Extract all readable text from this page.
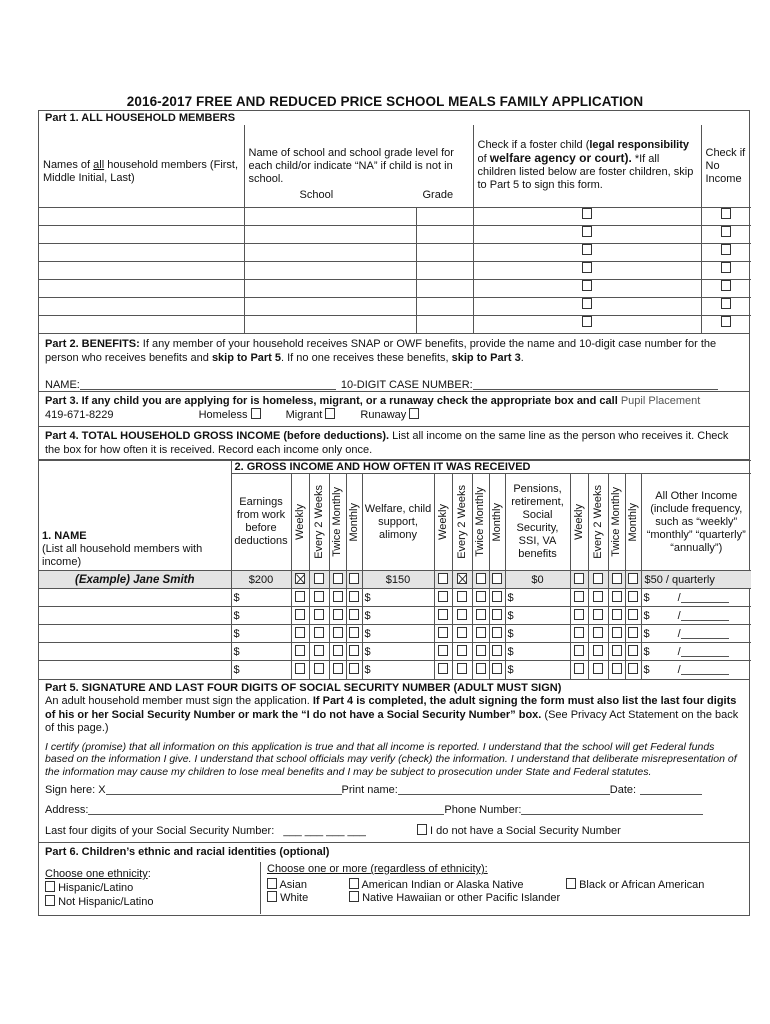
2016-2017 FREE AND REDUCED PRICE SCHOOL MEALS FAMILY APPLICATION
Part 1. ALL HOUSEHOLD MEMBERS
Names of all household members (First, Middle Initial, Last)	Name of school and school grade level for each child/or indicate “NA” if child is not in school.
School Grade		Check if a foster child (legal responsibility of welfare agency or court). *If all children listed below are foster children, skip to Part 5 to sign this form.	Check if No Income

Part 2. BENEFITS: If any member of your household receives SNAP or OWF benefits, provide the name and 10-digit case number for the person who receives benefits and skip to Part 5. If no one receives these benefits, skip to Part 3.
NAME:	10-DIGIT CASE NUMBER:
Part 3. If any child you are applying for is homeless, migrant, or a runaway check the appropriate box and call Pupil Placement
419-671-8229	Homeless	Migrant	Runaway
Part 4. TOTAL HOUSEHOLD GROSS INCOME (before deductions). List all income on the same line as the person who receives it. Check the box for how often it is received. Record each income only once.
1. NAME
(List all household members with income)	2. GROSS INCOME AND HOW OFTEN IT WAS RECEIVED															
	Earnings from work before deductions	Weekly	Every 2 Weeks	Twice Monthly	Monthly	Welfare, child support, alimony	Weekly	Every 2 Weeks	Twice Monthly	Monthly	Pensions, retirement, Social Security, SSI, VA benefits	Weekly	Every 2 Weeks	Twice Monthly	Monthly	All Other Income (include frequency, such as “weekly” “monthly” “quarterly” “annually”)
(Example) Jane Smith	$200					$150					$0					$50 / quarterly
	$					$					$					$ /
	$					$					$					$ /
	$					$					$					$ /
	$					$					$					$ /
	$					$					$					$ /
Part 5. SIGNATURE AND LAST FOUR DIGITS OF SOCIAL SECURITY NUMBER (ADULT MUST SIGN)
An adult household member must sign the application. If Part 4 is completed, the adult signing the form must also list the last four digits of his or her Social Security Number or mark the “I do not have a Social Security Number” box. (See Privacy Act Statement on the back of this page.)
I certify (promise) that all information on this application is true and that all income is reported. I understand that the school will get Federal funds based on the information I give. I understand that school officials may verify (check) the information. I understand that deliberate misrepresentation of the information may cause my children to lose meal benefits and I may be subject to prosecution under State and Federal statutes.
Sign here: X	Print name:	Date:
Address:	Phone Number:
Last four digits of your Social Security Number: ___ ___ ___ ___	I do not have a Social Security Number
Part 6. Children’s ethnic and racial identities (optional)
Choose one ethnicity:
Hispanic/Latino
Not Hispanic/Latino
Choose one or more (regardless of ethnicity):
Asian	American Indian or Alaska Native	Black or African American
White	Native Hawaiian or other Pacific Islander
